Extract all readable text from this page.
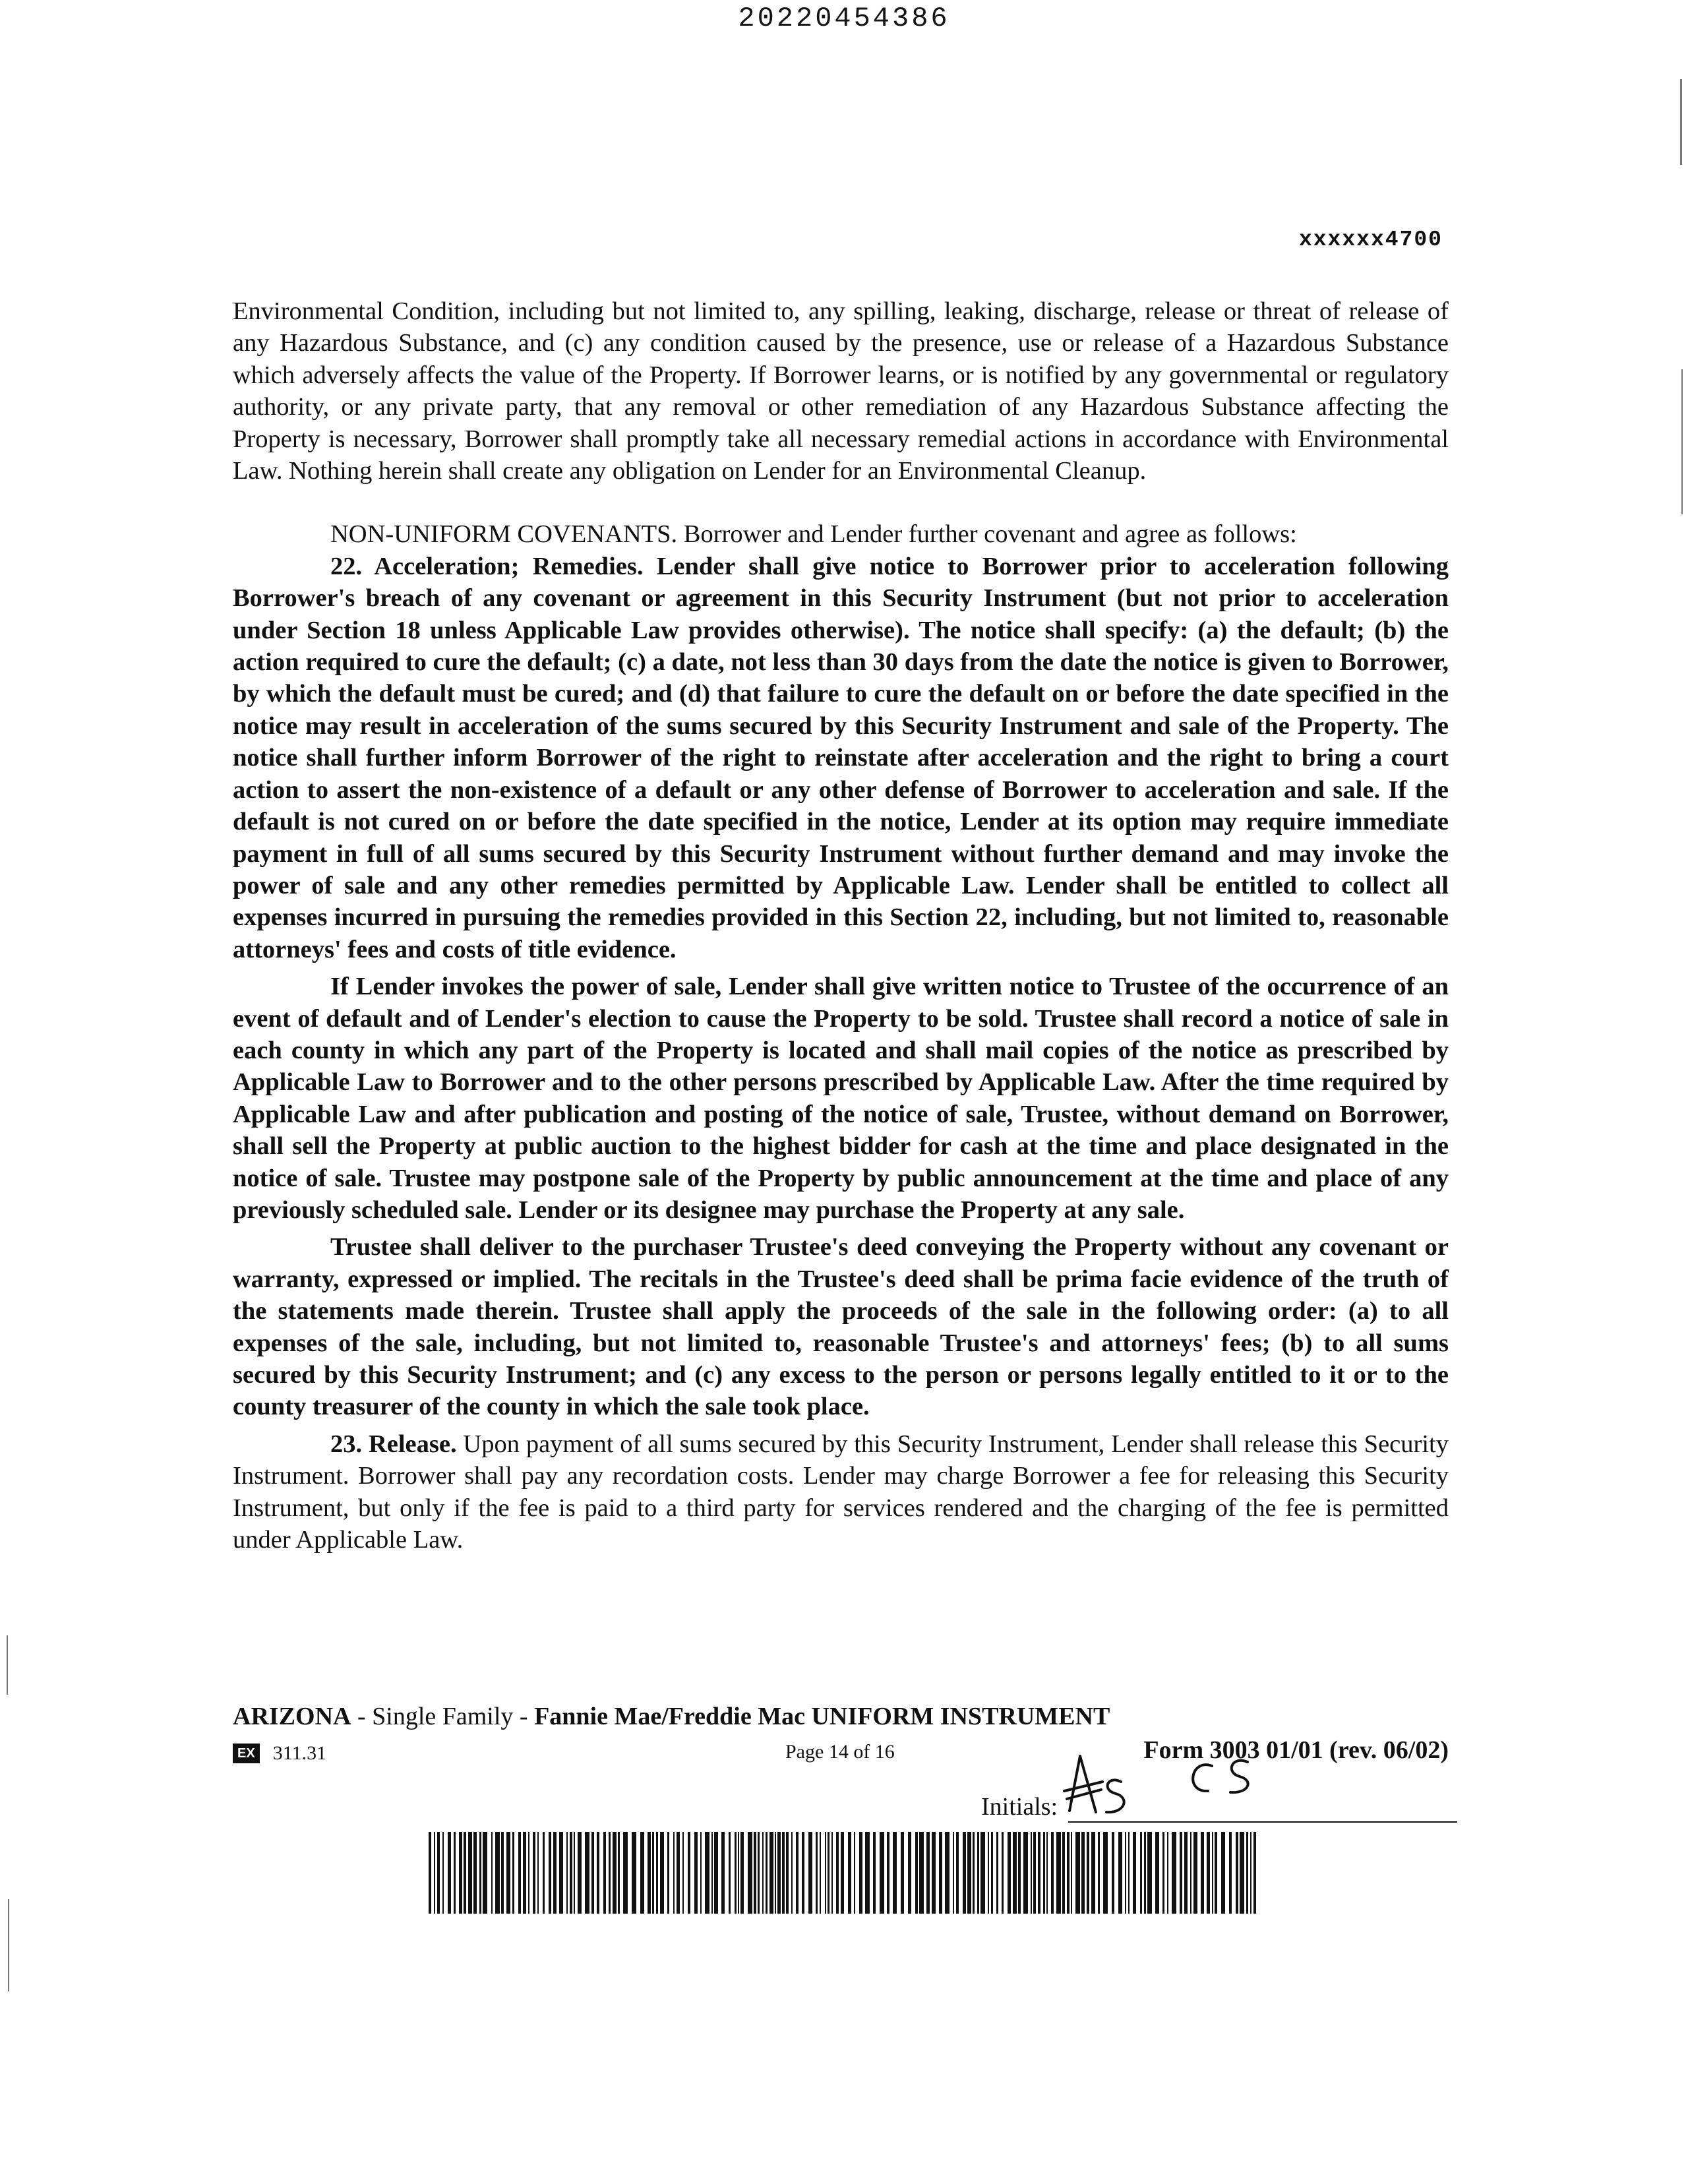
20220454386
xxxxxx4700

Environmental Condition, including but not limited to, any spilling, leaking, discharge, release or threat of release of any Hazardous Substance, and (c) any condition caused by the presence, use or release of a Hazardous Substance which adversely affects the value of the Property. If Borrower learns, or is notified by any governmental or regulatory authority, or any private party, that any removal or other remediation of any Hazardous Substance affecting the Property is necessary, Borrower shall promptly take all necessary remedial actions in accordance with Environmental Law. Nothing herein shall create any obligation on Lender for an Environmental Cleanup.

NON-UNIFORM COVENANTS. Borrower and Lender further covenant and agree as follows:

22. Acceleration; Remedies. Lender shall give notice to Borrower prior to acceleration following Borrower's breach of any covenant or agreement in this Security Instrument (but not prior to acceleration under Section 18 unless Applicable Law provides otherwise). The notice shall specify: (a) the default; (b) the action required to cure the default; (c) a date, not less than 30 days from the date the notice is given to Borrower, by which the default must be cured; and (d) that failure to cure the default on or before the date specified in the notice may result in acceleration of the sums secured by this Security Instrument and sale of the Property. The notice shall further inform Borrower of the right to reinstate after acceleration and the right to bring a court action to assert the non-existence of a default or any other defense of Borrower to acceleration and sale. If the default is not cured on or before the date specified in the notice, Lender at its option may require immediate payment in full of all sums secured by this Security Instrument without further demand and may invoke the power of sale and any other remedies permitted by Applicable Law. Lender shall be entitled to collect all expenses incurred in pursuing the remedies provided in this Section 22, including, but not limited to, reasonable attorneys' fees and costs of title evidence.

If Lender invokes the power of sale, Lender shall give written notice to Trustee of the occurrence of an event of default and of Lender's election to cause the Property to be sold. Trustee shall record a notice of sale in each county in which any part of the Property is located and shall mail copies of the notice as prescribed by Applicable Law to Borrower and to the other persons prescribed by Applicable Law. After the time required by Applicable Law and after publication and posting of the notice of sale, Trustee, without demand on Borrower, shall sell the Property at public auction to the highest bidder for cash at the time and place designated in the notice of sale. Trustee may postpone sale of the Property by public announcement at the time and place of any previously scheduled sale. Lender or its designee may purchase the Property at any sale.

Trustee shall deliver to the purchaser Trustee's deed conveying the Property without any covenant or warranty, expressed or implied. The recitals in the Trustee's deed shall be prima facie evidence of the truth of the statements made therein. Trustee shall apply the proceeds of the sale in the following order: (a) to all expenses of the sale, including, but not limited to, reasonable Trustee's and attorneys' fees; (b) to all sums secured by this Security Instrument; and (c) any excess to the person or persons legally entitled to it or to the county treasurer of the county in which the sale took place.

23. Release. Upon payment of all sums secured by this Security Instrument, Lender shall release this Security Instrument. Borrower shall pay any recordation costs. Lender may charge Borrower a fee for releasing this Security Instrument, but only if the fee is paid to a third party for services rendered and the charging of the fee is permitted under Applicable Law.

ARIZONA - Single Family - Fannie Mae/Freddie Mac UNIFORM INSTRUMENT
EX 311.31	Page 14 of 16	Form 3003 01/01 (rev. 06/02)
Initials:
